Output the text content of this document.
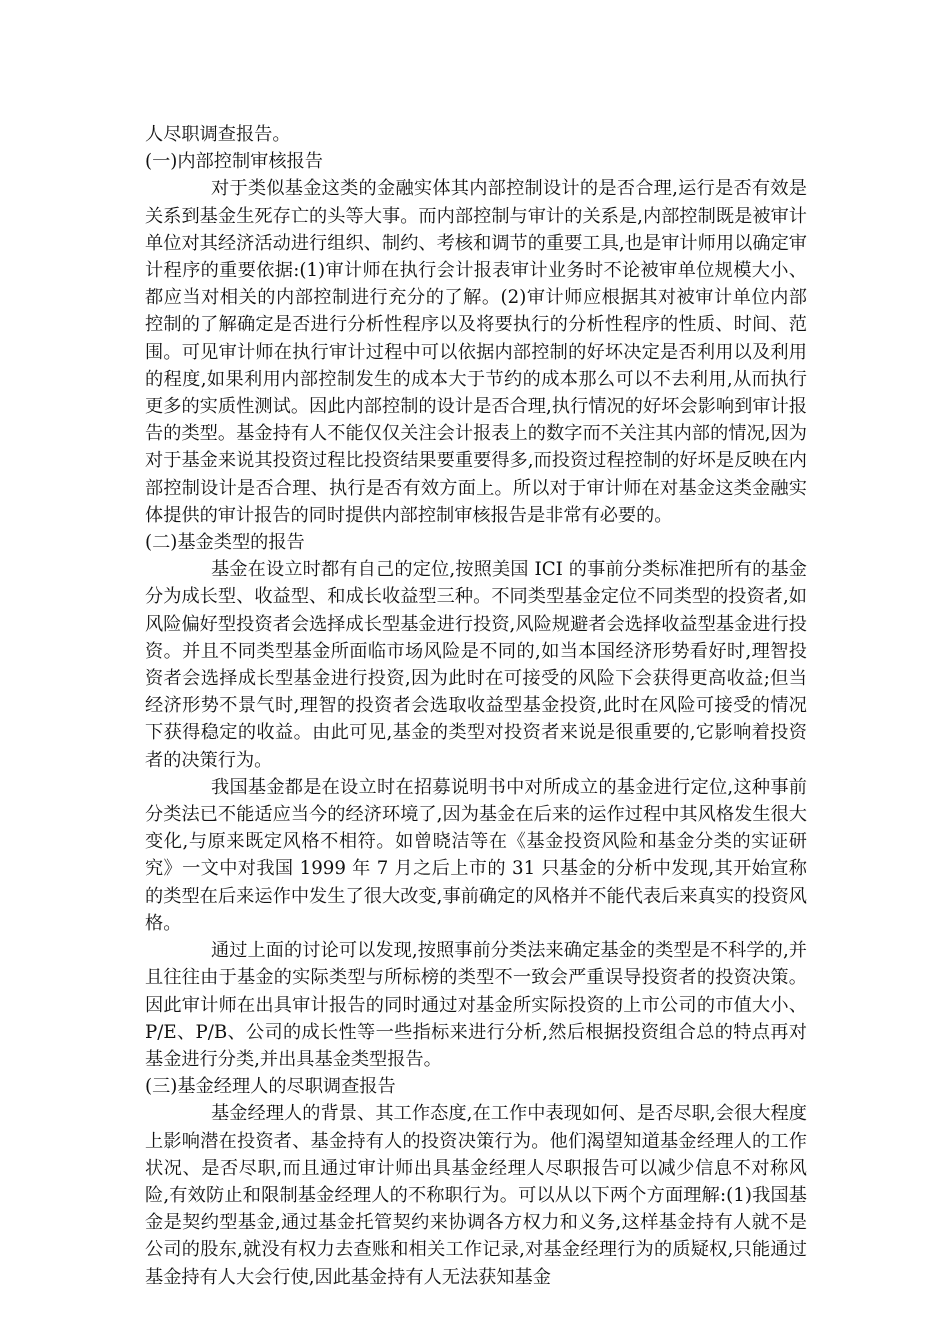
人尽职调查报告。

(一)内部控制审核报告

对于类似基金这类的金融实体其内部控制设计的是否合理,运行是否有效是关系到基金生死存亡的头等大事。而内部控制与审计的关系是,内部控制既是被审计单位对其经济活动进行组织、制约、考核和调节的重要工具,也是审计师用以确定审计程序的重要依据:(1)审计师在执行会计报表审计业务时不论被审单位规模大小、都应当对相关的内部控制进行充分的了解。(2)审计师应根据其对被审计单位内部控制的了解确定是否进行分析性程序以及将要执行的分析性程序的性质、时间、范围。可见审计师在执行审计过程中可以依据内部控制的好坏决定是否利用以及利用的程度,如果利用内部控制发生的成本大于节约的成本那么可以不去利用,从而执行更多的实质性测试。因此内部控制的设计是否合理,执行情况的好坏会影响到审计报告的类型。基金持有人不能仅仅关注会计报表上的数字而不关注其内部的情况,因为对于基金来说其投资过程比投资结果要重要得多,而投资过程控制的好坏是反映在内部控制设计是否合理、执行是否有效方面上。所以对于审计师在对基金这类金融实体提供的审计报告的同时提供内部控制审核报告是非常有必要的。

(二)基金类型的报告

基金在设立时都有自己的定位,按照美国 ICI 的事前分类标准把所有的基金分为成长型、收益型、和成长收益型三种。不同类型基金定位不同类型的投资者,如风险偏好型投资者会选择成长型基金进行投资,风险规避者会选择收益型基金进行投资。并且不同类型基金所面临市场风险是不同的,如当本国经济形势看好时,理智投资者会选择成长型基金进行投资,因为此时在可接受的风险下会获得更高收益;但当经济形势不景气时,理智的投资者会选取收益型基金投资,此时在风险可接受的情况下获得稳定的收益。由此可见,基金的类型对投资者来说是很重要的,它影响着投资者的决策行为。

我国基金都是在设立时在招募说明书中对所成立的基金进行定位,这种事前分类法已不能适应当今的经济环境了,因为基金在后来的运作过程中其风格发生很大变化,与原来既定风格不相符。如曾晓洁等在《基金投资风险和基金分类的实证研究》一文中对我国 1999 年 7 月之后上市的 31 只基金的分析中发现,其开始宣称的类型在后来运作中发生了很大改变,事前确定的风格并不能代表后来真实的投资风格。

通过上面的讨论可以发现,按照事前分类法来确定基金的类型是不科学的,并且往往由于基金的实际类型与所标榜的类型不一致会严重误导投资者的投资决策。因此审计师在出具审计报告的同时通过对基金所实际投资的上市公司的市值大小、P/E、P/B、公司的成长性等一些指标来进行分析,然后根据投资组合总的特点再对基金进行分类,并出具基金类型报告。

(三)基金经理人的尽职调查报告

基金经理人的背景、其工作态度,在工作中表现如何、是否尽职,会很大程度上影响潜在投资者、基金持有人的投资决策行为。他们渴望知道基金经理人的工作状况、是否尽职,而且通过审计师出具基金经理人尽职报告可以减少信息不对称风险,有效防止和限制基金经理人的不称职行为。可以从以下两个方面理解:(1)我国基金是契约型基金,通过基金托管契约来协调各方权力和义务,这样基金持有人就不是公司的股东,就没有权力去查账和相关工作记录,对基金经理行为的质疑权,只能通过基金持有人大会行使,因此基金持有人无法获知基金
